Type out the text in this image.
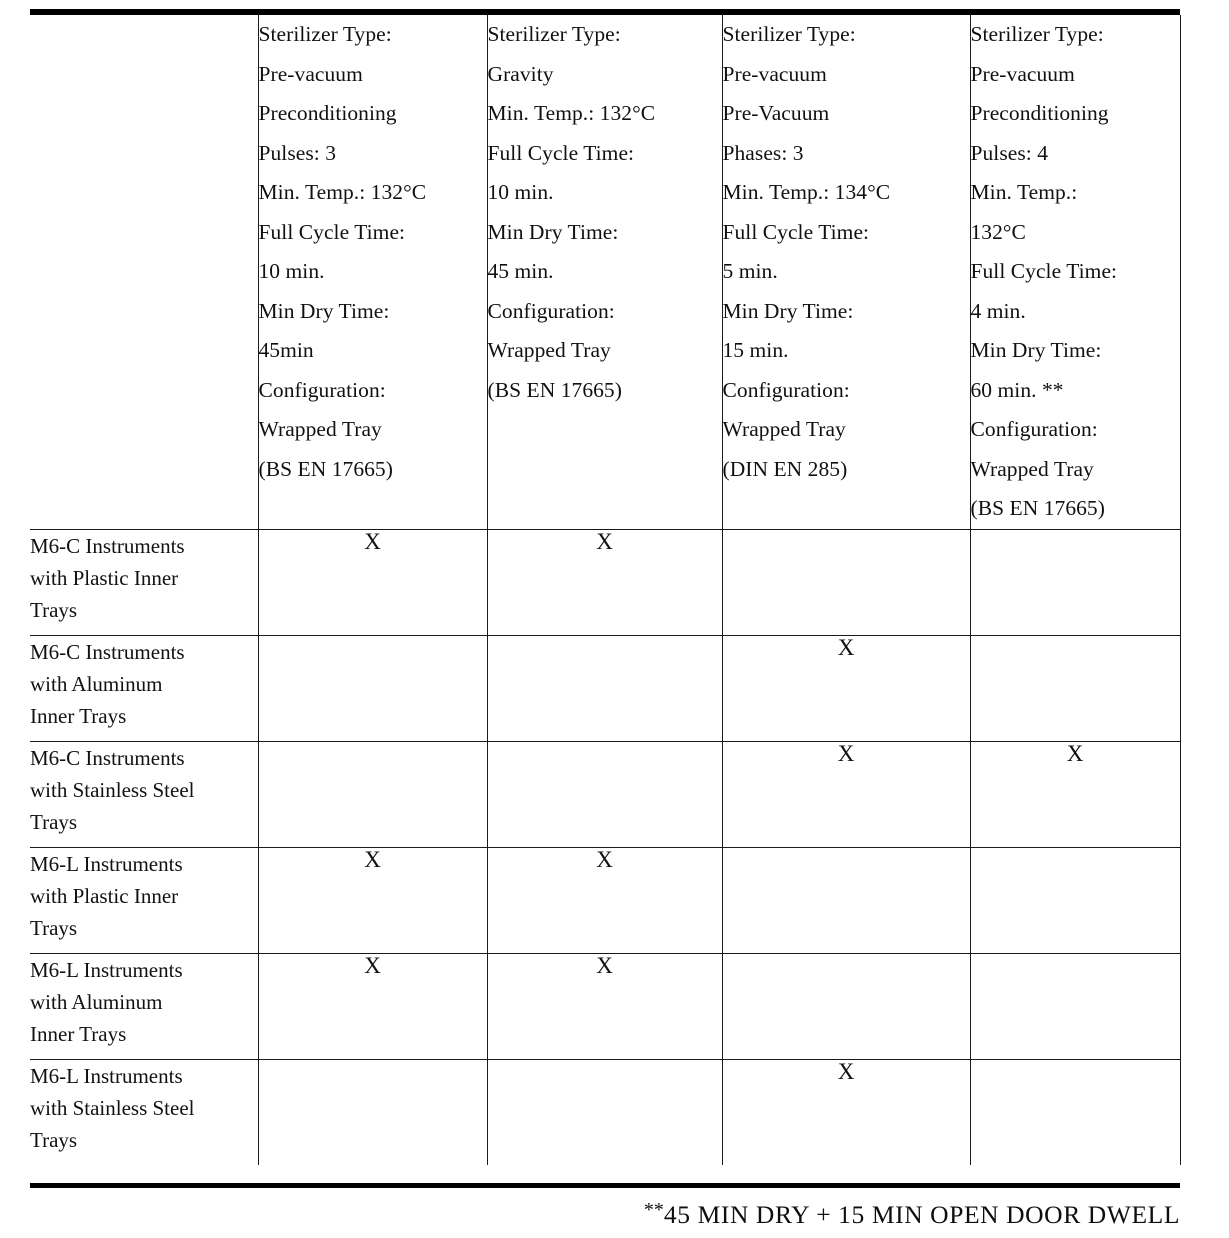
Sterilizer Type:
Pre-vacuum
Preconditioning
Pulses: 3
Min. Temp.: 132°C
Full Cycle Time:
10 min.
Min Dry Time:
45min
Configuration:
Wrapped Tray
(BS EN 17665)

Sterilizer Type:
Gravity
Min. Temp.: 132°C
Full Cycle Time:
10 min.
Min Dry Time:
45 min.
Configuration:
Wrapped Tray
(BS EN 17665)

Sterilizer Type:
Pre-vacuum
Pre-Vacuum
Phases: 3
Min. Temp.: 134°C
Full Cycle Time:
5 min.
Min Dry Time:
15 min.
Configuration:
Wrapped Tray
(DIN EN 285)

Sterilizer Type:
Pre-vacuum
Preconditioning
Pulses: 4
Min. Temp.:
132°C
Full Cycle Time:
4 min.
Min Dry Time:
60 min. **
Configuration:
Wrapped Tray
(BS EN 17665)

M6-C Instruments
with Plastic Inner
Trays	X	X		

M6-C Instruments
with Aluminum
Inner Trays			X	

M6-C Instruments
with Stainless Steel
Trays			X	X

M6-L Instruments
with Plastic Inner
Trays	X	X		

M6-L Instruments
with Aluminum
Inner Trays	X	X		

M6-L Instruments
with Stainless Steel
Trays			X	
**45 MIN DRY + 15 MIN OPEN DOOR DWELL
